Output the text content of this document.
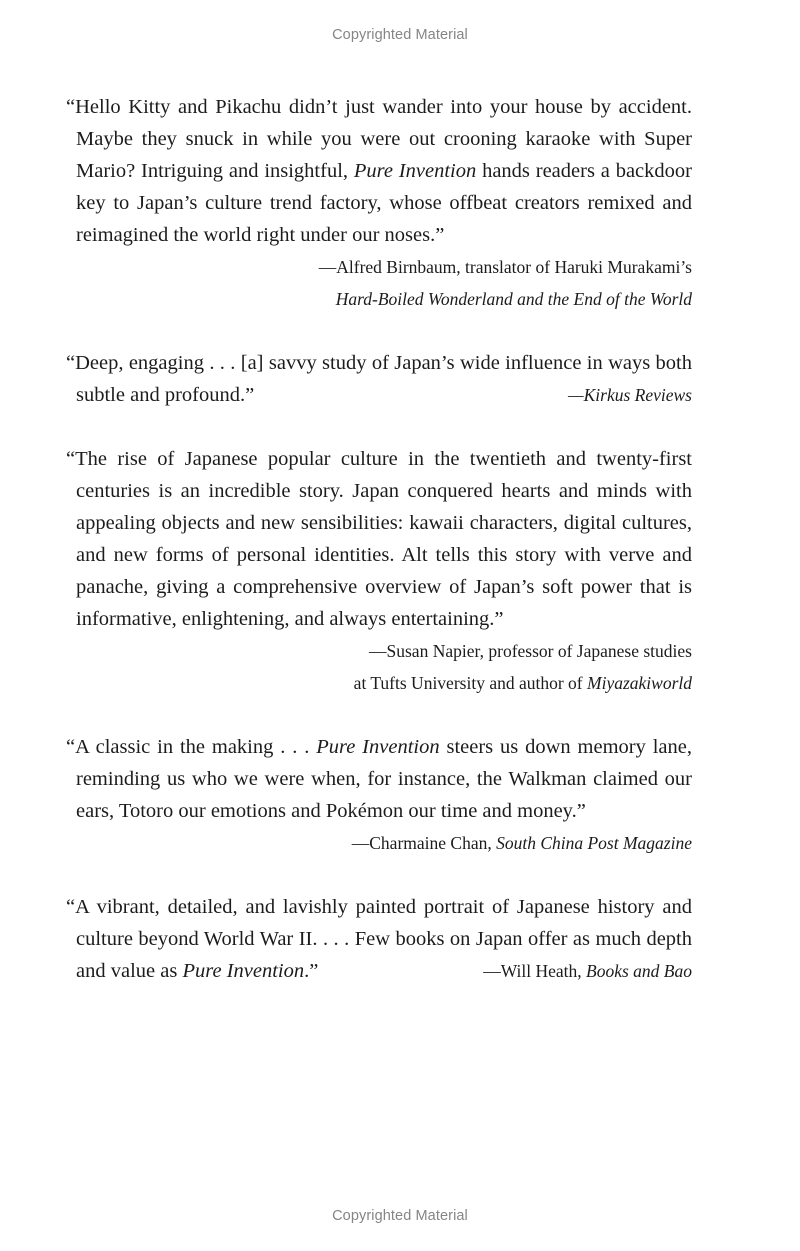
Copyrighted Material
“Hello Kitty and Pikachu didn’t just wander into your house by accident. Maybe they snuck in while you were out crooning karaoke with Super Mario? Intriguing and insightful, Pure Invention hands readers a backdoor key to Japan’s culture trend factory, whose offbeat creators remixed and reimagined the world right under our noses.”
—Alfred Birnbaum, translator of Haruki Murakami’s
Hard-Boiled Wonderland and the End of the World
“Deep, engaging . . . [a] savvy study of Japan’s wide influence in ways both subtle and profound.”	—Kirkus Reviews
“The rise of Japanese popular culture in the twentieth and twenty-first centuries is an incredible story. Japan conquered hearts and minds with appealing objects and new sensibilities: kawaii characters, digital cultures, and new forms of personal identities. Alt tells this story with verve and panache, giving a comprehensive overview of Japan’s soft power that is informative, enlightening, and always entertaining.”
—Susan Napier, professor of Japanese studies
at Tufts University and author of Miyazakiworld
“A classic in the making . . . Pure Invention steers us down memory lane, reminding us who we were when, for instance, the Walkman claimed our ears, Totoro our emotions and Pokémon our time and money.”
—Charmaine Chan, South China Post Magazine
“A vibrant, detailed, and lavishly painted portrait of Japanese history and culture beyond World War II. . . . Few books on Japan offer as much depth and value as Pure Invention.”	—Will Heath, Books and Bao
Copyrighted Material
